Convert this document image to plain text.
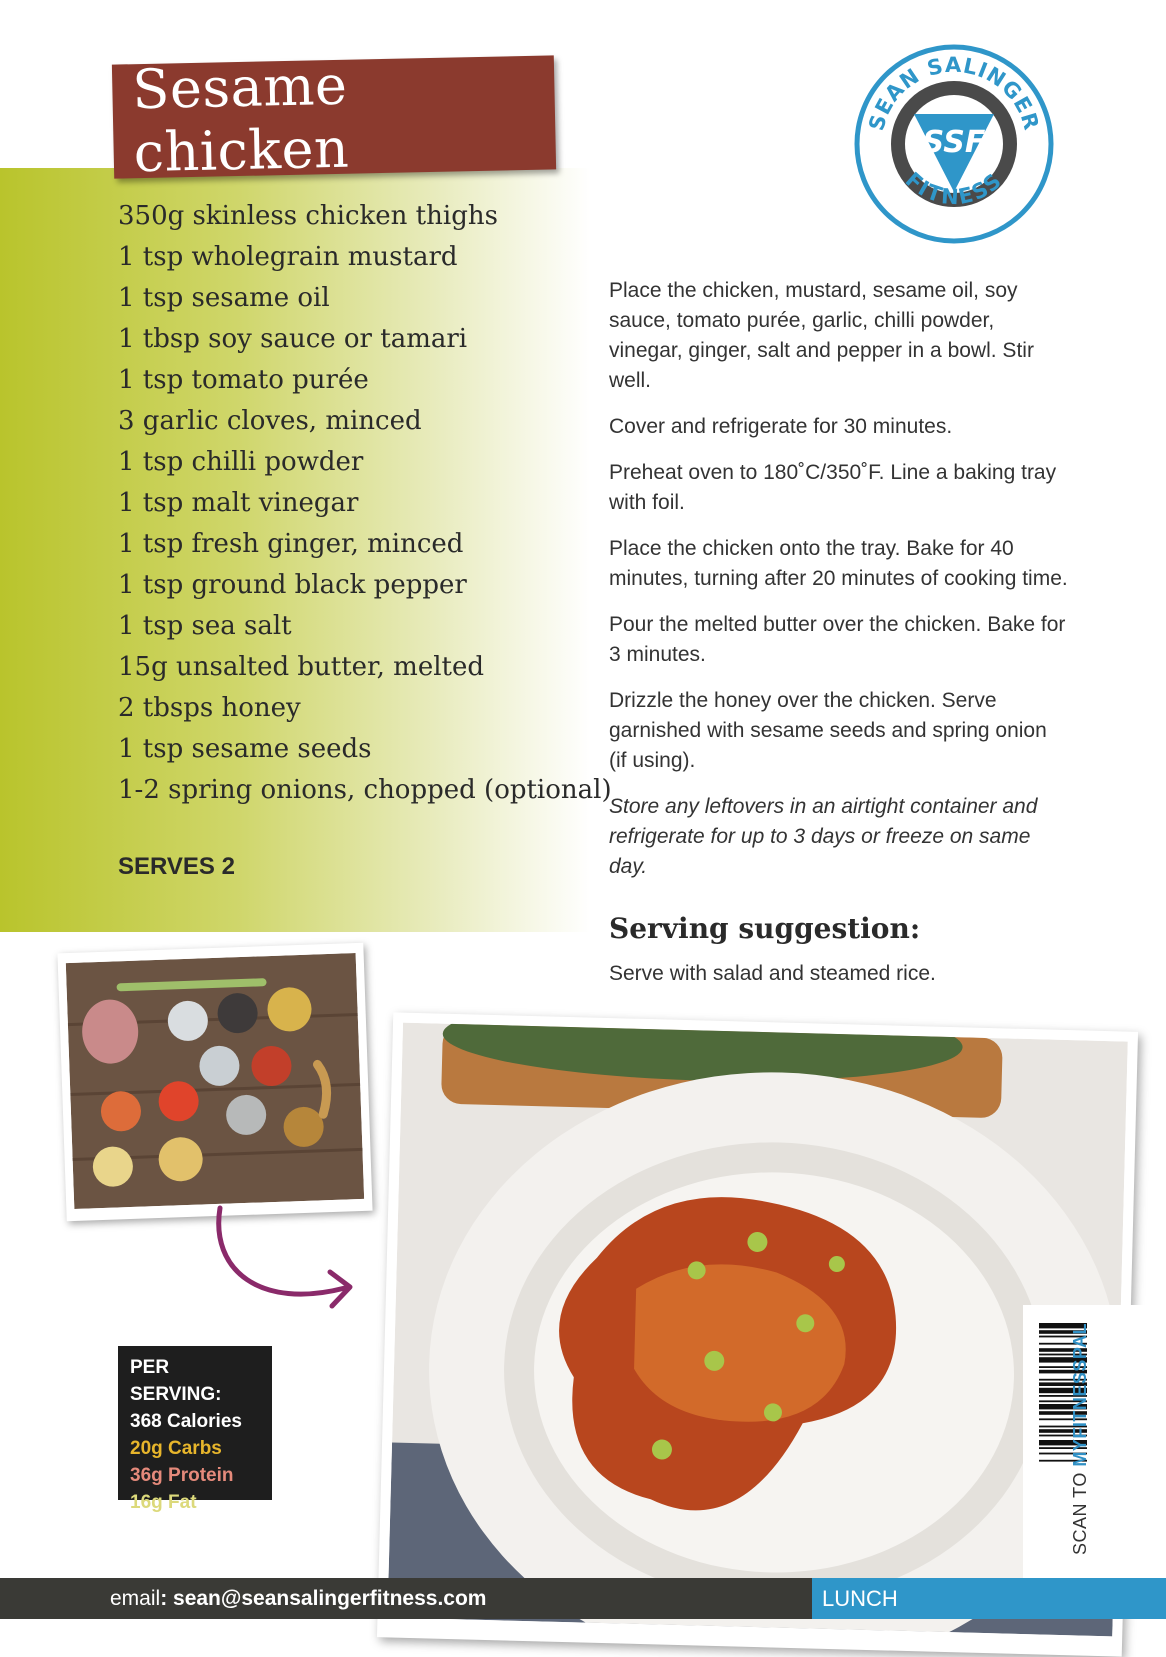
Sesame chicken	SSF
SEAN SALINGER
FITNESS
350g skinless chicken thighs
1 tsp wholegrain mustard
1 tsp sesame oil
1 tbsp soy sauce or tamari
1 tsp tomato purée
3 garlic cloves, minced
1 tsp chilli powder
1 tsp malt vinegar
1 tsp fresh ginger, minced
1 tsp ground black pepper
1 tsp sea salt
15g unsalted butter, melted
2 tbsps honey
1 tsp sesame seeds
1-2 spring onions, chopped (optional)
SERVES 2

Place the chicken, mustard, sesame oil, soy sauce, tomato purée, garlic, chilli powder, vinegar, ginger, salt and pepper in a bowl. Stir well.

Cover and refrigerate for 30 minutes.

Preheat oven to 180˚C/350˚F. Line a baking tray with foil.

Place the chicken onto the tray. Bake for 40 minutes, turning after 20 minutes of cooking time.

Pour the melted butter over the chicken. Bake for 3 minutes.

Drizzle the honey over the chicken. Serve garnished with sesame seeds and spring onion (if using).

Store any leftovers in an airtight container and refrigerate for up to 3 days or freeze on same day.

Serving suggestion:
Serve with salad and steamed rice.
PER SERVING:
368 Calories
20g Carbs
36g Protein
16g Fat	SCAN TO MYFITNESSPAL
email: sean@seansalingerfitness.com	LUNCH
